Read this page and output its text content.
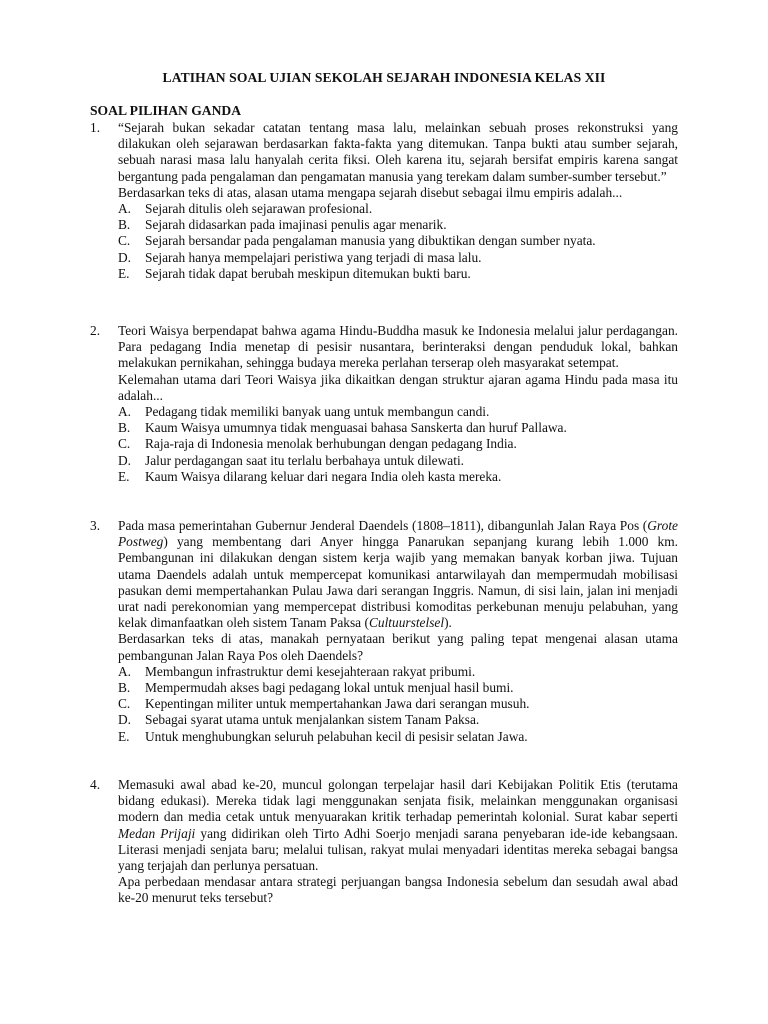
LATIHAN SOAL UJIAN SEKOLAH SEJARAH INDONESIA KELAS XII
SOAL PILIHAN GANDA
1. “Sejarah bukan sekadar catatan tentang masa lalu, melainkan sebuah proses rekonstruksi yang dilakukan oleh sejarawan berdasarkan fakta-fakta yang ditemukan. Tanpa bukti atau sumber sejarah, sebuah narasi masa lalu hanyalah cerita fiksi. Oleh karena itu, sejarah bersifat empiris karena sangat bergantung pada pengalaman dan pengamatan manusia yang terekam dalam sumber-sumber tersebut.”
Berdasarkan teks di atas, alasan utama mengapa sejarah disebut sebagai ilmu empiris adalah...
A. Sejarah ditulis oleh sejarawan profesional.
B. Sejarah didasarkan pada imajinasi penulis agar menarik.
C. Sejarah bersandar pada pengalaman manusia yang dibuktikan dengan sumber nyata.
D. Sejarah hanya mempelajari peristiwa yang terjadi di masa lalu.
E. Sejarah tidak dapat berubah meskipun ditemukan bukti baru.
2. Teori Waisya berpendapat bahwa agama Hindu-Buddha masuk ke Indonesia melalui jalur perdagangan. Para pedagang India menetap di pesisir nusantara, berinteraksi dengan penduduk lokal, bahkan melakukan pernikahan, sehingga budaya mereka perlahan terserap oleh masyarakat setempat.
Kelemahan utama dari Teori Waisya jika dikaitkan dengan struktur ajaran agama Hindu pada masa itu adalah...
A. Pedagang tidak memiliki banyak uang untuk membangun candi.
B. Kaum Waisya umumnya tidak menguasai bahasa Sanskerta dan huruf Pallawa.
C. Raja-raja di Indonesia menolak berhubungan dengan pedagang India.
D. Jalur perdagangan saat itu terlalu berbahaya untuk dilewati.
E. Kaum Waisya dilarang keluar dari negara India oleh kasta mereka.
3. Pada masa pemerintahan Gubernur Jenderal Daendels (1808–1811), dibangunlah Jalan Raya Pos (Grote Postweg) yang membentang dari Anyer hingga Panarukan sepanjang kurang lebih 1.000 km. Pembangunan ini dilakukan dengan sistem kerja wajib yang memakan banyak korban jiwa. Tujuan utama Daendels adalah untuk mempercepat komunikasi antarwilayah dan mempermudah mobilisasi pasukan demi mempertahankan Pulau Jawa dari serangan Inggris. Namun, di sisi lain, jalan ini menjadi urat nadi perekonomian yang mempercepat distribusi komoditas perkebunan menuju pelabuhan, yang kelak dimanfaatkan oleh sistem Tanam Paksa (Cultuurstelsel).
Berdasarkan teks di atas, manakah pernyataan berikut yang paling tepat mengenai alasan utama pembangunan Jalan Raya Pos oleh Daendels?
A. Membangun infrastruktur demi kesejahteraan rakyat pribumi.
B. Mempermudah akses bagi pedagang lokal untuk menjual hasil bumi.
C. Kepentingan militer untuk mempertahankan Jawa dari serangan musuh.
D. Sebagai syarat utama untuk menjalankan sistem Tanam Paksa.
E. Untuk menghubungkan seluruh pelabuhan kecil di pesisir selatan Jawa.
4. Memasuki awal abad ke-20, muncul golongan terpelajar hasil dari Kebijakan Politik Etis (terutama bidang edukasi). Mereka tidak lagi menggunakan senjata fisik, melainkan menggunakan organisasi modern dan media cetak untuk menyuarakan kritik terhadap pemerintah kolonial. Surat kabar seperti Medan Prijaji yang didirikan oleh Tirto Adhi Soerjo menjadi sarana penyebaran ide-ide kebangsaan. Literasi menjadi senjata baru; melalui tulisan, rakyat mulai menyadari identitas mereka sebagai bangsa yang terjajah dan perlunya persatuan.
Apa perbedaan mendasar antara strategi perjuangan bangsa Indonesia sebelum dan sesudah awal abad ke-20 menurut teks tersebut?
